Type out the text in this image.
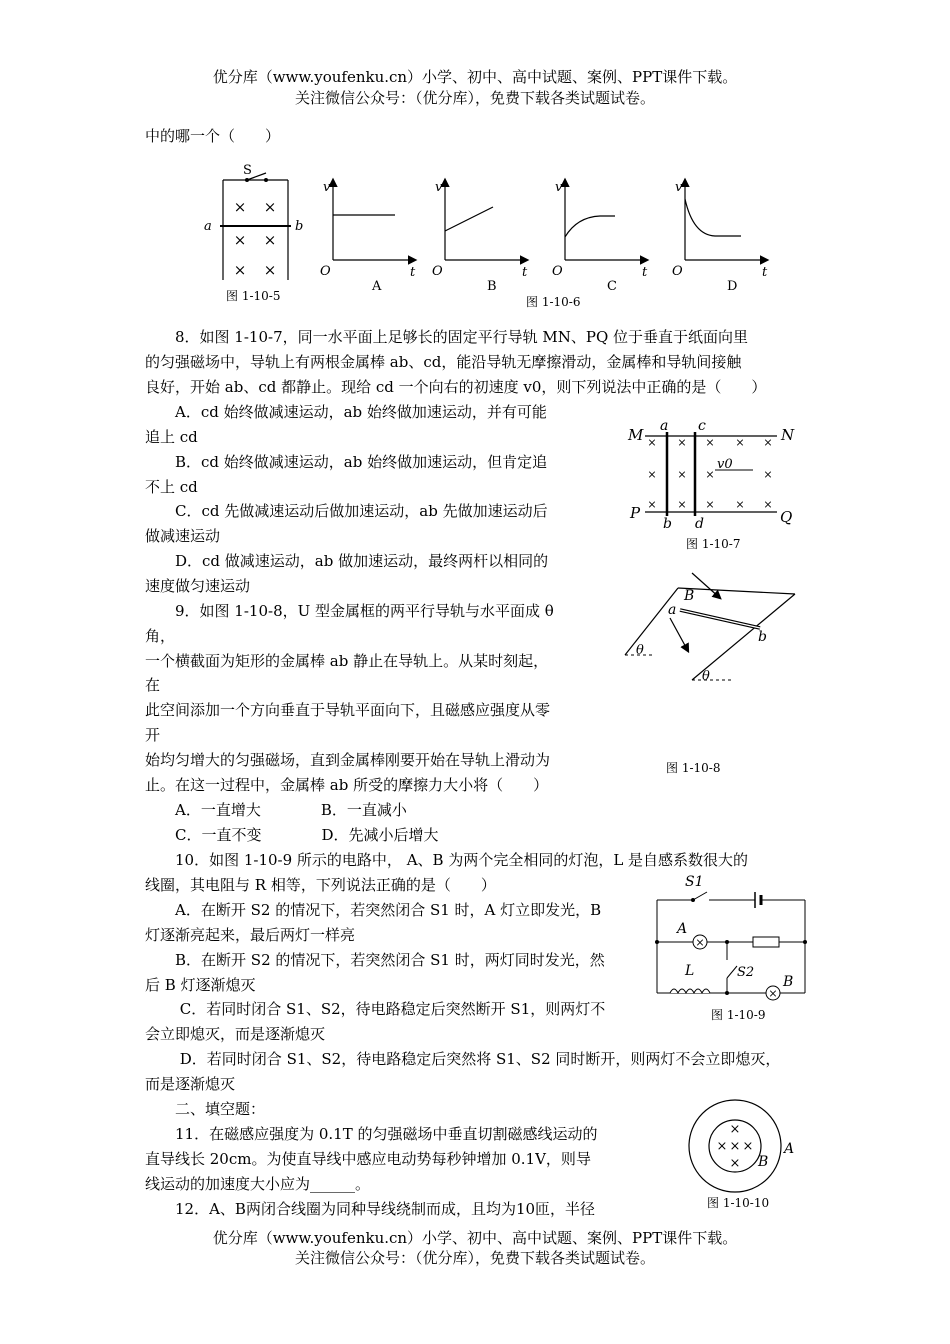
优分库（www.youfenku.cn）小学、初中、高中试题、案例、PPT课件下载。
关注微信公众号：（优分库），免费下载各类试题试卷。
中的哪一个（　　）
S
a	b
× ×
× ×
× ×
图 1-10-5
v
O	t
A
v
O	t
B
v
O	t
C
v
O	t
D
图 1-10-6
　　8．如图 1-10-7，同一水平面上足够长的固定平行导轨 MN、PQ 位于垂直于纸面向里
的匀强磁场中，导轨上有两根金属棒 ab、cd，能沿导轨无摩擦滑动，金属棒和导轨间接触
良好，开始 ab、cd 都静止。现给 cd 一个向右的初速度 v0，则下列说法中正确的是（　　）
　　A．cd 始终做减速运动，ab 始终做加速运动，并有可能
追上 cd
　　B．cd 始终做减速运动，ab 始终做加速运动，但肯定追
不上 cd
　　C．cd 先做减速运动后做加速运动，ab 先做加速运动后
做减速运动
　　D．cd 做减速运动，ab 做加速运动，最终两杆以相同的
速度做匀速运动
M	N
P	Q
a
b
c
d
v0
× × × × ×
× × ×	×
× × × × ×
图 1-10-7
　　9．如图 1-10-8，U 型金属框的两平行导轨与水平面成 θ
角，
一个横截面为矩形的金属棒 ab 静止在导轨上。从某时刻起，
在
此空间添加一个方向垂直于导轨平面向下，且磁感应强度从零
开
始均匀增大的匀强磁场，直到金属棒刚要开始在导轨上滑动为
止。在这一过程中，金属棒 ab 所受的摩擦力大小将（　　）
　　A．一直增大　　　　B．一直减小
　　C．一直不变　　　　D．先减小后增大
B
a
b
θ
θ
图 1-10-8
　　10．如图 1-10-9 所示的电路中， A、B 为两个完全相同的灯泡，L 是自感系数很大的
线圈，其电阻与 R 相等，下列说法正确的是（　　）
　　A．在断开 S2 的情况下，若突然闭合 S1 时，A 灯立即发光，B
灯逐渐亮起来，最后两灯一样亮
　　B．在断开 S2 的情况下，若突然闭合 S1 时，两灯同时发光，然
后 B 灯逐渐熄灭
　　 C．若同时闭合 S1、S2，待电路稳定后突然断开 S1，则两灯不
会立即熄灭，而是逐渐熄灭
　　 D．若同时闭合 S1、S2，待电路稳定后突然将 S1、S2 同时断开，则两灯不会立即熄灭，
而是逐渐熄灭
S1
×
A
L	S2
×
B
图 1-10-9
　　二、填空题：
　　11．在磁感应强度为 0.1T 的匀强磁场中垂直切割磁感线运动的
直导线长 20cm。为使直导线中感应电动势每秒钟增加 0.1V，则导
线运动的加速度大小应为______。
　　12．A、B两闭合线圈为同种导线绕制而成，且均为10匝，半径
×
× × ×
× B
A
图 1-10-10
优分库（www.youfenku.cn）小学、初中、高中试题、案例、PPT课件下载。
关注微信公众号：（优分库），免费下载各类试题试卷。
